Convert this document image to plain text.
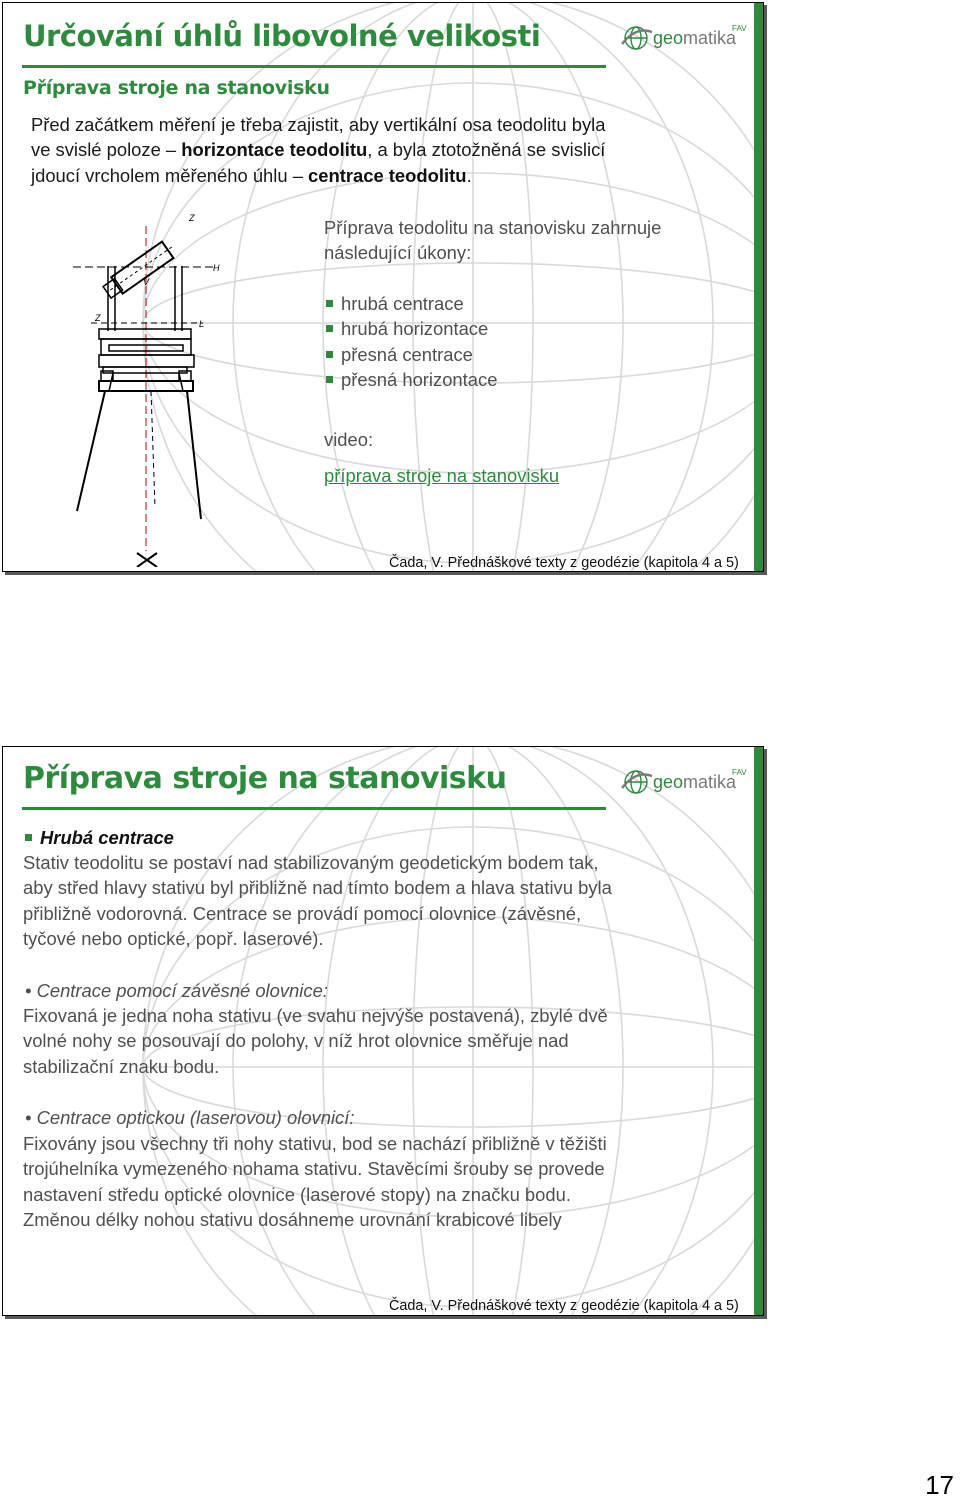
geomatika
FAV
Určování úhlů libovolné velikosti
Příprava stroje na stanovisku

Před začátkem měření je třeba zajistit, aby vertikální osa teodolitu byla
ve svislé poloze – horizontace teodolitu, a byla ztotožněná se svislicí
jdoucí vrcholem měřeného úhlu – centrace teodolitu.

Z
H
Z
V
L

Příprava teodolitu na stanovisku zahrnuje
následující úkony:

hrubá centrace
hrubá horizontace
přesná centrace
přesná horizontace
video:
příprava stroje na stanovisku
Čada, V. Přednáškové texty z geodézie (kapitola 4 a 5)
geomatika
FAV
Příprava stroje na stanovisku
Hrubá centrace

Stativ teodolitu se postaví nad stabilizovaným geodetickým bodem tak,
aby střed hlavy stativu byl přibližně nad tímto bodem a hlava stativu byla
přibližně vodorovná. Centrace se provádí pomocí olovnice (závěsné,
tyčové nebo optické, popř. laserové).

• Centrace pomocí závěsné olovnice:

Fixovaná je jedna noha stativu (ve svahu nejvýše postavená), zbylé dvě
volné nohy se posouvají do polohy, v níž hrot olovnice směřuje nad
stabilizační znaku bodu.

• Centrace optickou (laserovou) olovnicí:

Fixovány jsou všechny tři nohy stativu, bod se nachází přibližně v těžišti
trojúhelníka vymezeného nohama stativu. Stavěcími šrouby se provede
nastavení středu optické olovnice (laserové stopy) na značku bodu.
Změnou délky nohou stativu dosáhneme urovnání krabicové libely

Čada, V. Přednáškové texty z geodézie (kapitola 4 a 5)
17
